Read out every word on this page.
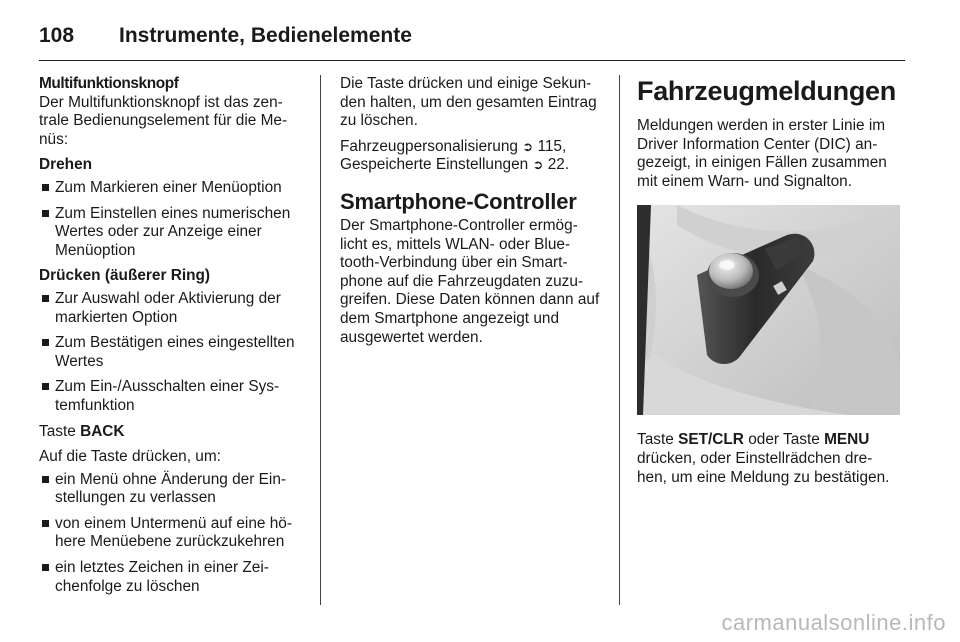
108	Instrumente, Bedienelemente

Multifunktionsknopf

Der Multifunktionsknopf ist das zen- trale Bedienungselement für die Me- nüs:

Drehen

Zum Markieren einer Menüoption
Zum Einstellen eines numerischen Wertes oder zur Anzeige einer Menüoption

Drücken (äußerer Ring)

Zur Auswahl oder Aktivierung der markierten Option
Zum Bestätigen eines eingestellten Wertes
Zum Ein-/Ausschalten einer Sys- temfunktion

Taste BACK

Auf die Taste drücken, um:

ein Menü ohne Änderung der Ein- stellungen zu verlassen
von einem Untermenü auf eine hö- here Menüebene zurückzukehren
ein letztes Zeichen in einer Zei- chenfolge zu löschen

Die Taste drücken und einige Sekun- den halten, um den gesamten Eintrag zu löschen.

Fahrzeugpersonalisierung ➲ 115,
Gespeicherte Einstellungen ➲ 22.

Smartphone-Controller

Der Smartphone-Controller ermög- licht es, mittels WLAN- oder Blue- tooth-Verbindung über ein Smart- phone auf die Fahrzeugdaten zuzu- greifen. Diese Daten können dann auf dem Smartphone angezeigt und ausgewertet werden.

Fahrzeugmeldungen

Meldungen werden in erster Linie im Driver Information Center (DIC) an- gezeigt, in einigen Fällen zusammen mit einem Warn- und Signalton.

Taste SET/CLR oder Taste MENU drücken, oder Einstellrädchen dre- hen, um eine Meldung zu bestätigen.

carmanualsonline.info
